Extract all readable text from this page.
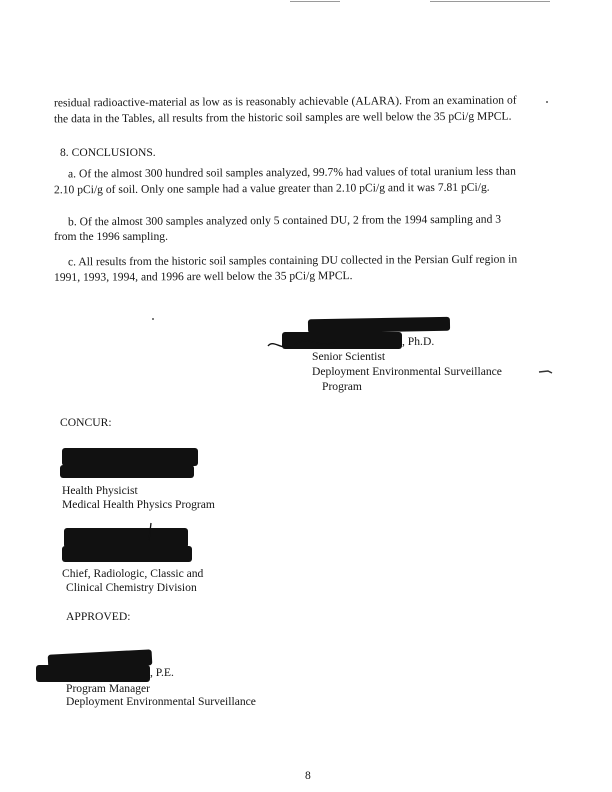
residual radioactive-material as low as is reasonably achievable (ALARA). From an examination of
the data in the Tables, all results from the historic soil samples are well below the 35 pCi/g MPCL.
8. CONCLUSIONS.
a. Of the almost 300 hundred soil samples analyzed, 99.7% had values of total uranium less than
2.10 pCi/g of soil. Only one sample had a value greater than 2.10 pCi/g and it was 7.81 pCi/g.
b. Of the almost 300 samples analyzed only 5 contained DU, 2 from the 1994 sampling and 3
from the 1996 sampling.
c. All results from the historic soil samples containing DU collected in the Persian Gulf region in
1991, 1993, 1994, and 1996 are well below the 35 pCi/g MPCL.
, Ph.D.
Senior Scientist
Deployment Environmental Surveillance
Program
CONCUR:
Health Physicist
Medical Health Physics Program
Chief, Radiologic, Classic and
Clinical Chemistry Division
APPROVED:
, P.E.
Program Manager
Deployment Environmental Surveillance
8
